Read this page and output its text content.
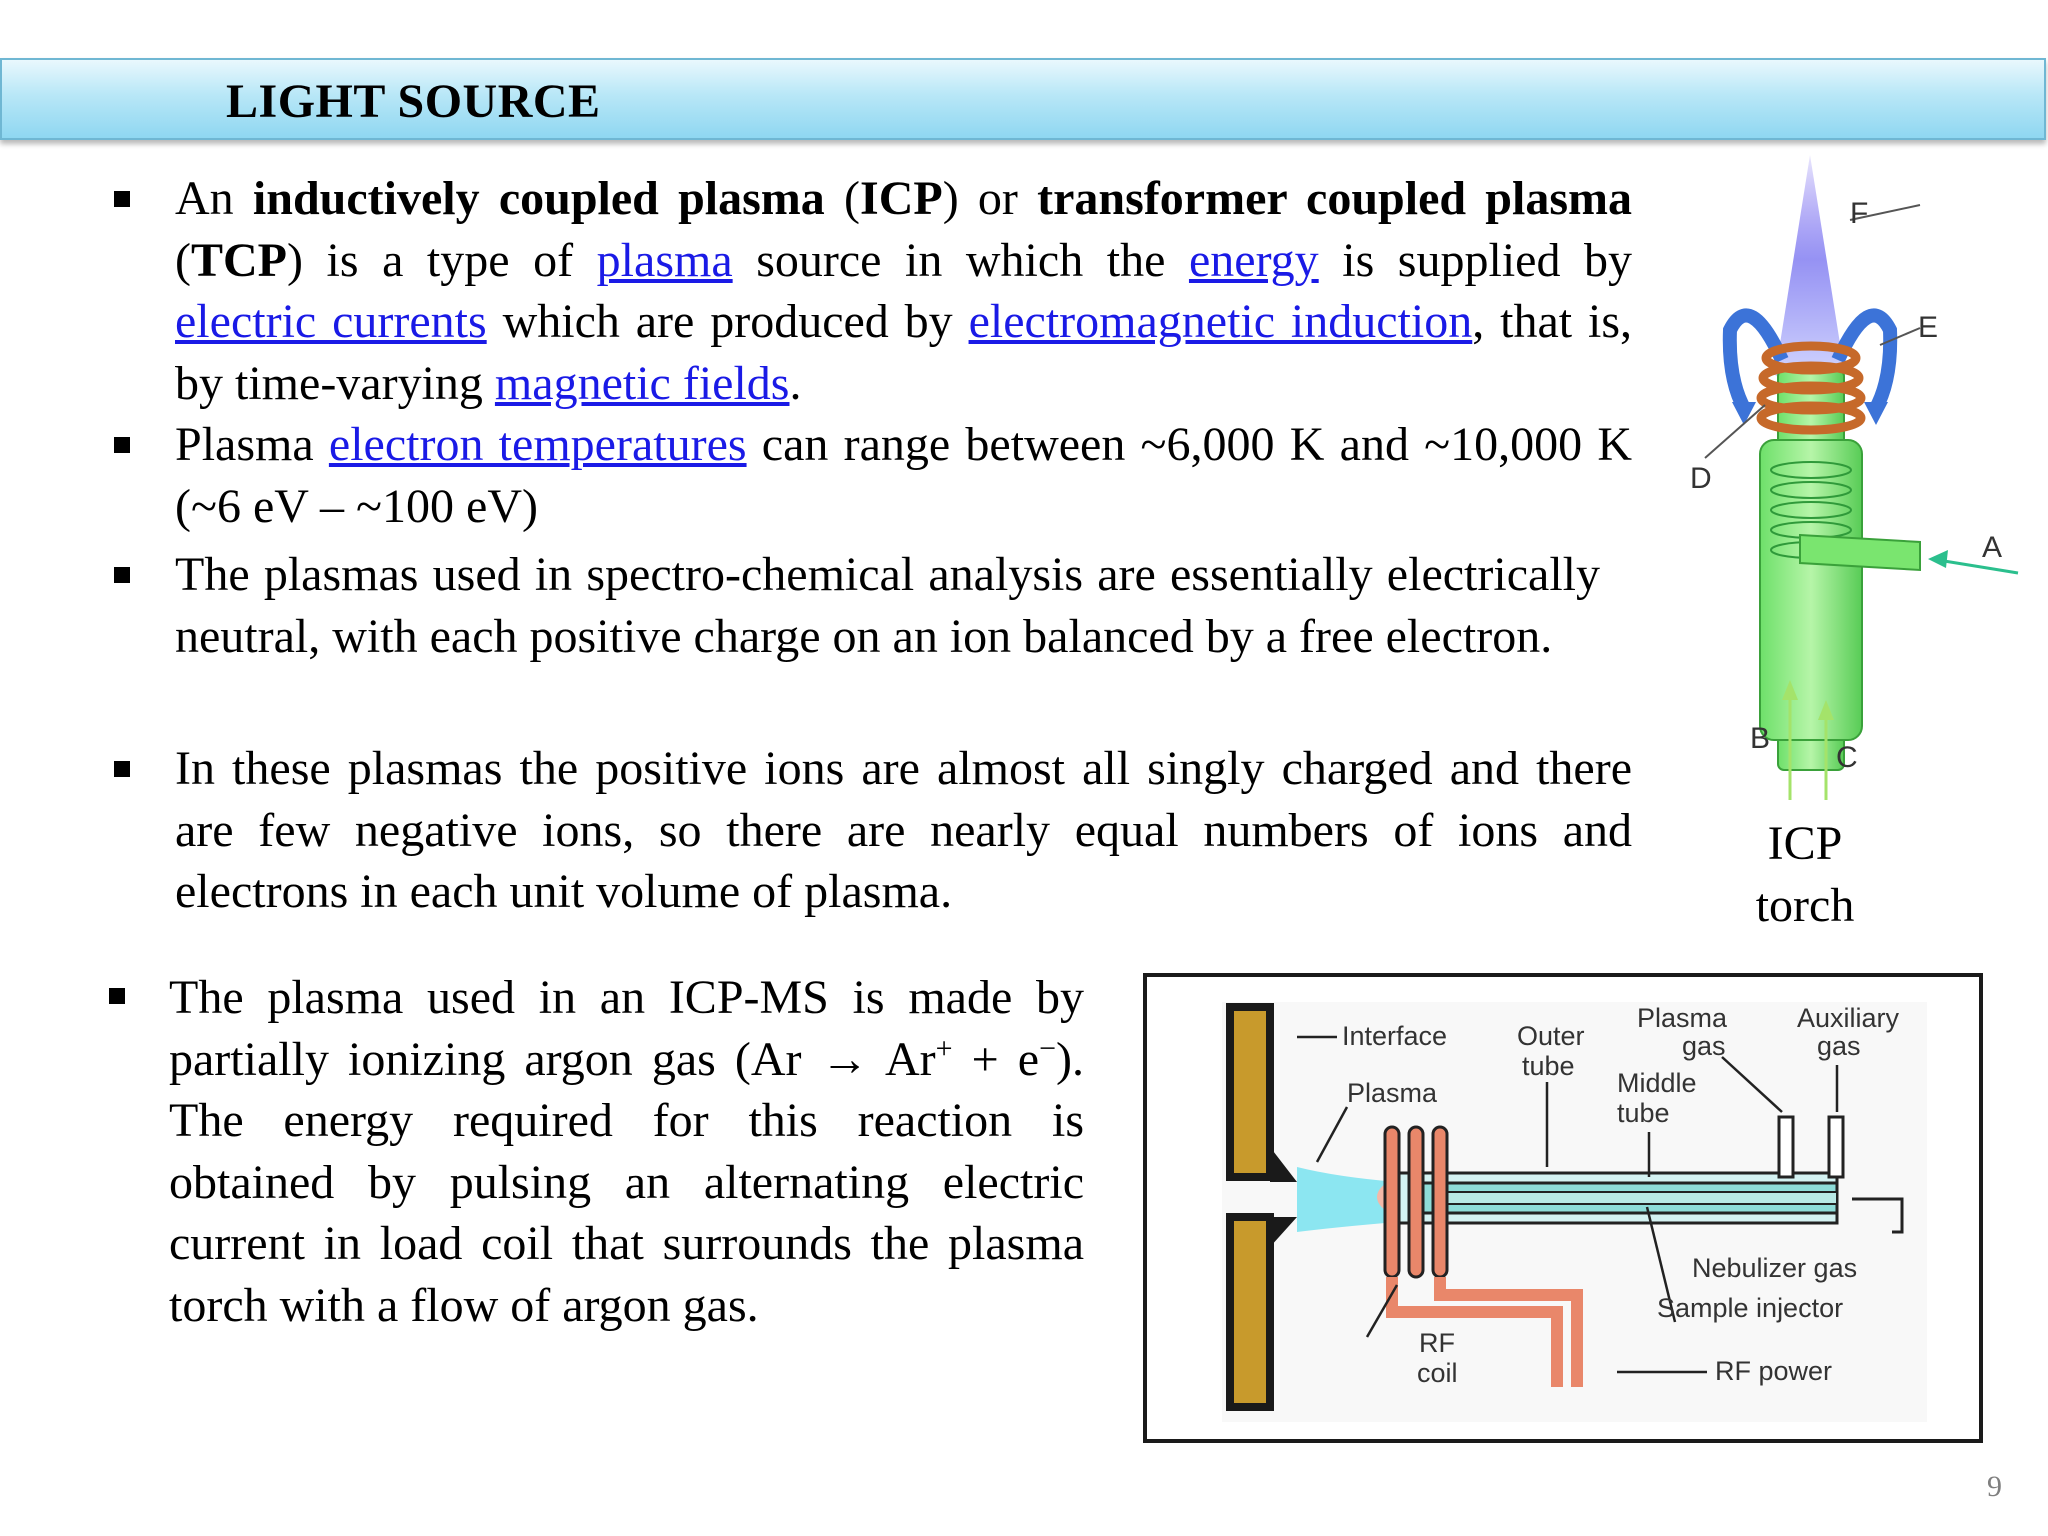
LIGHT SOURCE
An inductively coupled plasma (ICP) or transformer coupled plasma (TCP) is a type of plasma source in which the energy is supplied by electric currents which are produced by electromagnetic induction, that is, by time-varying magnetic fields.
Plasma electron temperatures can range between ~6,000 K and ~10,000 K (~6 eV – ~100 eV)
The plasmas used in spectro-chemical analysis are essentially electrically neutral, with each positive charge on an ion balanced by a free electron.
In these plasmas the positive ions are almost all singly charged and there are few negative ions, so there are nearly equal numbers of ions and electrons in each unit volume of plasma.
The plasma used in an ICP-MS is made by partially ionizing argon gas (Ar → Ar+ + e−). The energy required for this reaction is obtained by pulsing an alternating electric current in load coil that surrounds the plasma torch with a flow of argon gas.
A
B
C
D
E
F
ICP
torch
Interface
Plasma
Outer
tube
Plasma
gas
Middle
tube
Auxiliary
gas
Nebulizer gas
Sample injector
RF
coil	RF power
9
